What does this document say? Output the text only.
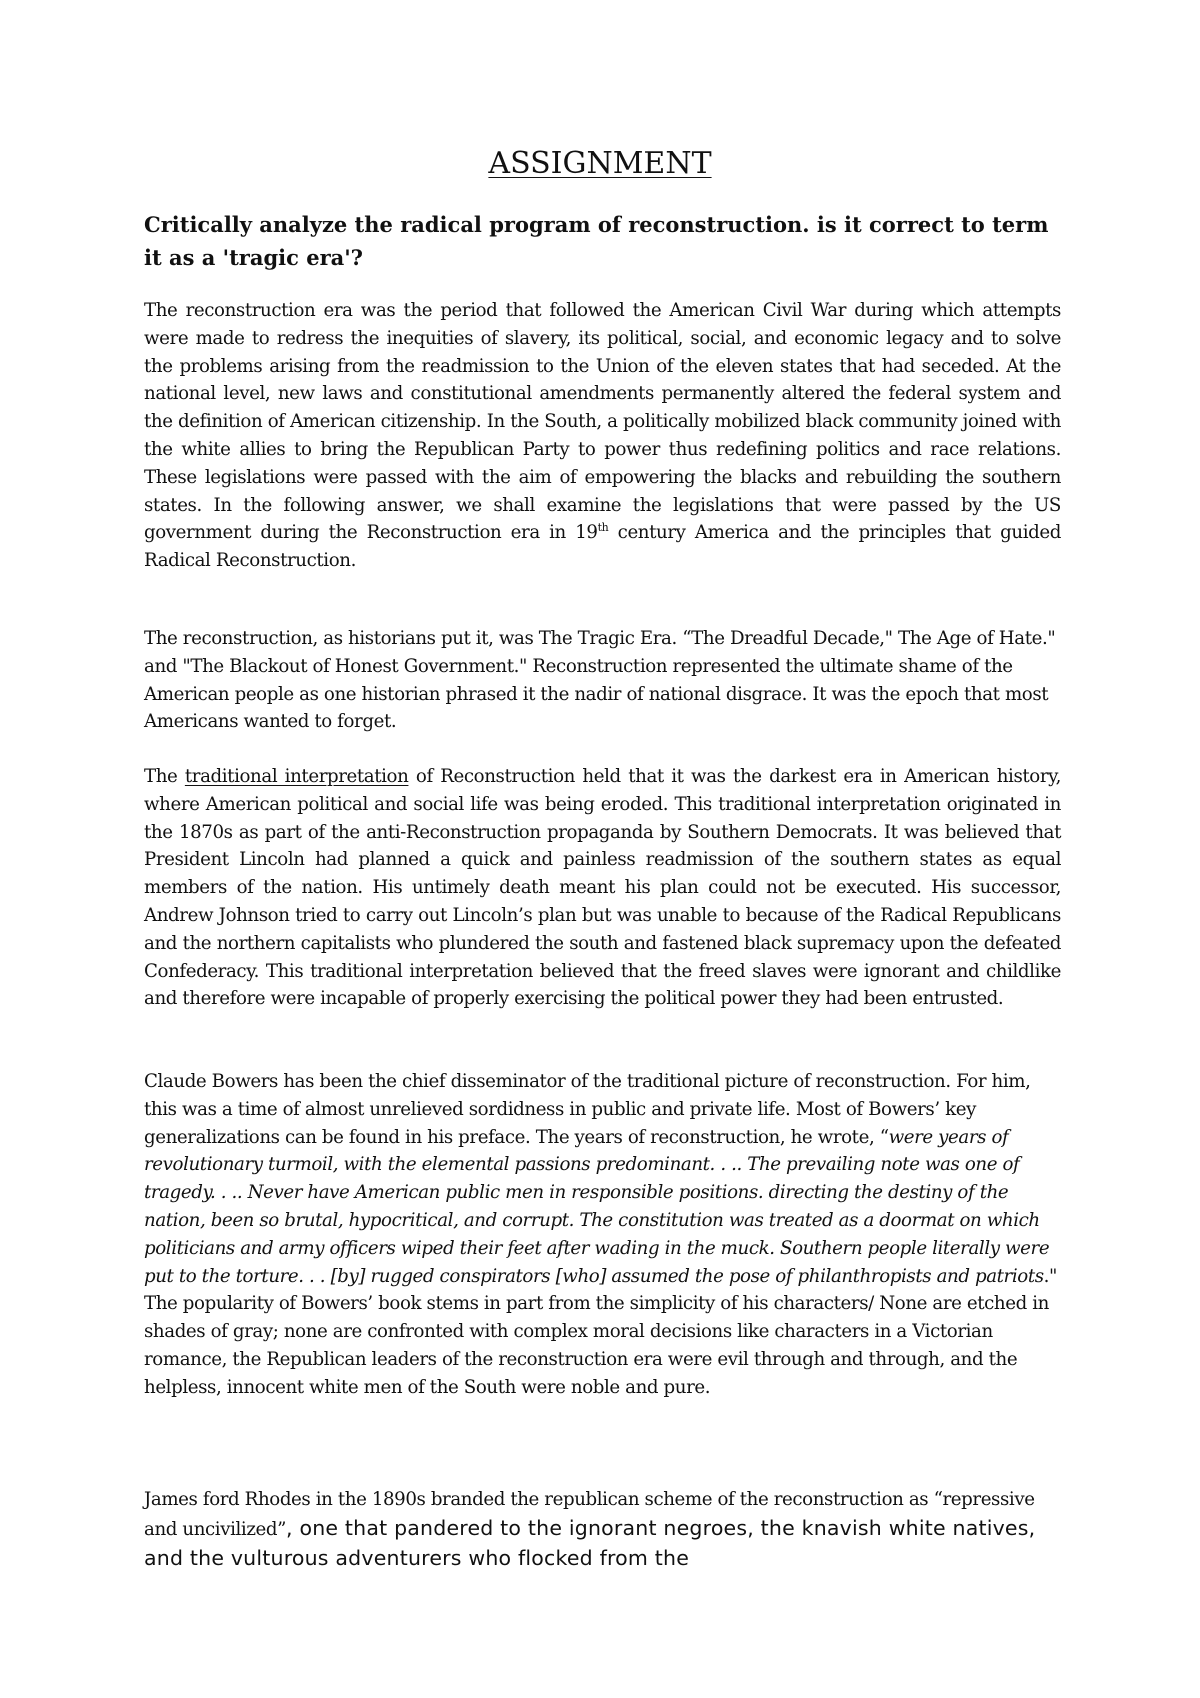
ASSIGNMENT

Critically analyze the radical program of reconstruction. is it correct to term it as a 'tragic era'?

The reconstruction era was the period that followed the American Civil War during which attempts were made to redress the inequities of slavery, its political, social, and economic legacy and to solve the problems arising from the readmission to the Union of the eleven states that had seceded. At the national level, new laws and constitutional amendments permanently altered the federal system and the definition of American citizenship. In the South, a politically mobilized black community joined with the white allies to bring the Republican Party to power thus redefining politics and race relations. These legislations were passed with the aim of empowering the blacks and rebuilding the southern states. In the following answer, we shall examine the legislations that were passed by the US government during the Reconstruction era in 19th century America and the principles that guided Radical Reconstruction.

The reconstruction, as historians put it, was The Tragic Era. “The Dreadful Decade," The Age of Hate." and "The Blackout of Honest Government." Reconstruction represented the ultimate shame of the American people as one historian phrased it the nadir of national disgrace. It was the epoch that most Americans wanted to forget.

The traditional interpretation of Reconstruction held that it was the darkest era in American history, where American political and social life was being eroded. This traditional interpretation originated in the 1870s as part of the anti-Reconstruction propaganda by Southern Democrats. It was believed that President Lincoln had planned a quick and painless readmission of the southern states as equal members of the nation. His untimely death meant his plan could not be executed. His successor, Andrew Johnson tried to carry out Lincoln’s plan but was unable to because of the Radical Republicans and the northern capitalists who plundered the south and fastened black supremacy upon the defeated Confederacy. This traditional interpretation believed that the freed slaves were ignorant and childlike and therefore were incapable of properly exercising the political power they had been entrusted.

Claude Bowers has been the chief disseminator of the traditional picture of reconstruction. For him, this was a time of almost unrelieved sordidness in public and private life. Most of Bowers’ key generalizations can be found in his preface. The years of reconstruction, he wrote, “were years of revolutionary turmoil, with the elemental passions predominant. . .. The prevailing note was one of tragedy. . .. Never have American public men in responsible positions. directing the destiny of the nation, been so brutal, hypocritical, and corrupt. The constitution was treated as a doormat on which politicians and army officers wiped their feet after wading in the muck. Southern people literally were put to the torture. . . [by] rugged conspirators [who] assumed the pose of philanthropists and patriots." The popularity of Bowers’ book stems in part from the simplicity of his characters/ None are etched in shades of gray; none are confronted with complex moral decisions like characters in a Victorian romance, the Republican leaders of the reconstruction era were evil through and through, and the helpless, innocent white men of the South were noble and pure.

James ford Rhodes in the 1890s branded the republican scheme of the reconstruction as “repressive and uncivilized”, one that pandered to the ignorant negroes, the knavish white natives, and the vulturous adventurers who flocked from the
